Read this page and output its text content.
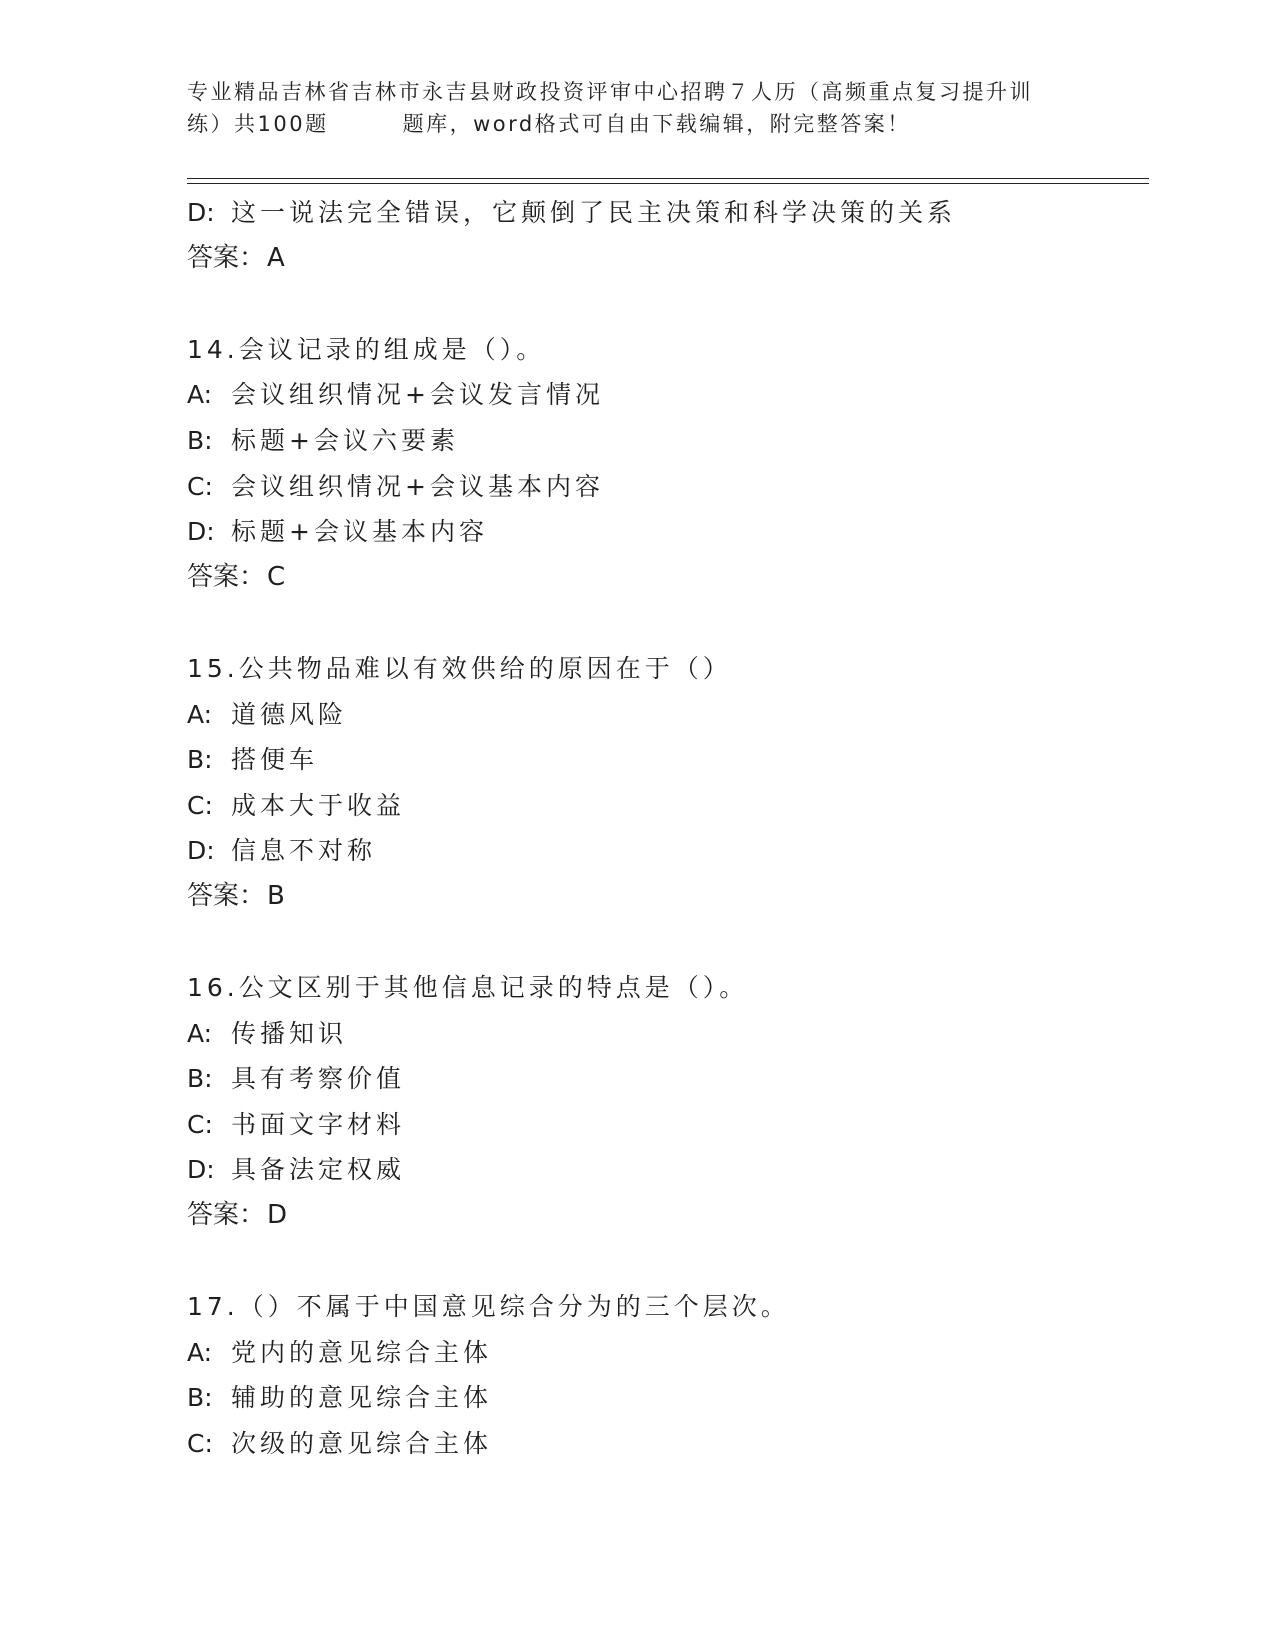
专业精品吉林省吉林市永吉县财政投资评审中心招聘７人历（高频重点复习提升训
练）共100题	题库，word格式可自由下载编辑，附完整答案！
D: 这一说法完全错误，它颠倒了民主决策和科学决策的关系
答案：A
14.会议记录的组成是（）。
A: 会议组织情况+会议发言情况
B: 标题+会议六要素
C: 会议组织情况+会议基本内容
D: 标题+会议基本内容
答案：C
15.公共物品难以有效供给的原因在于（）
A: 道德风险
B: 搭便车
C: 成本大于收益
D: 信息不对称
答案：B
16.公文区别于其他信息记录的特点是（）。
A: 传播知识
B: 具有考察价值
C: 书面文字材料
D: 具备法定权威
答案：D
17.（）不属于中国意见综合分为的三个层次。
A: 党内的意见综合主体
B: 辅助的意见综合主体
C: 次级的意见综合主体
